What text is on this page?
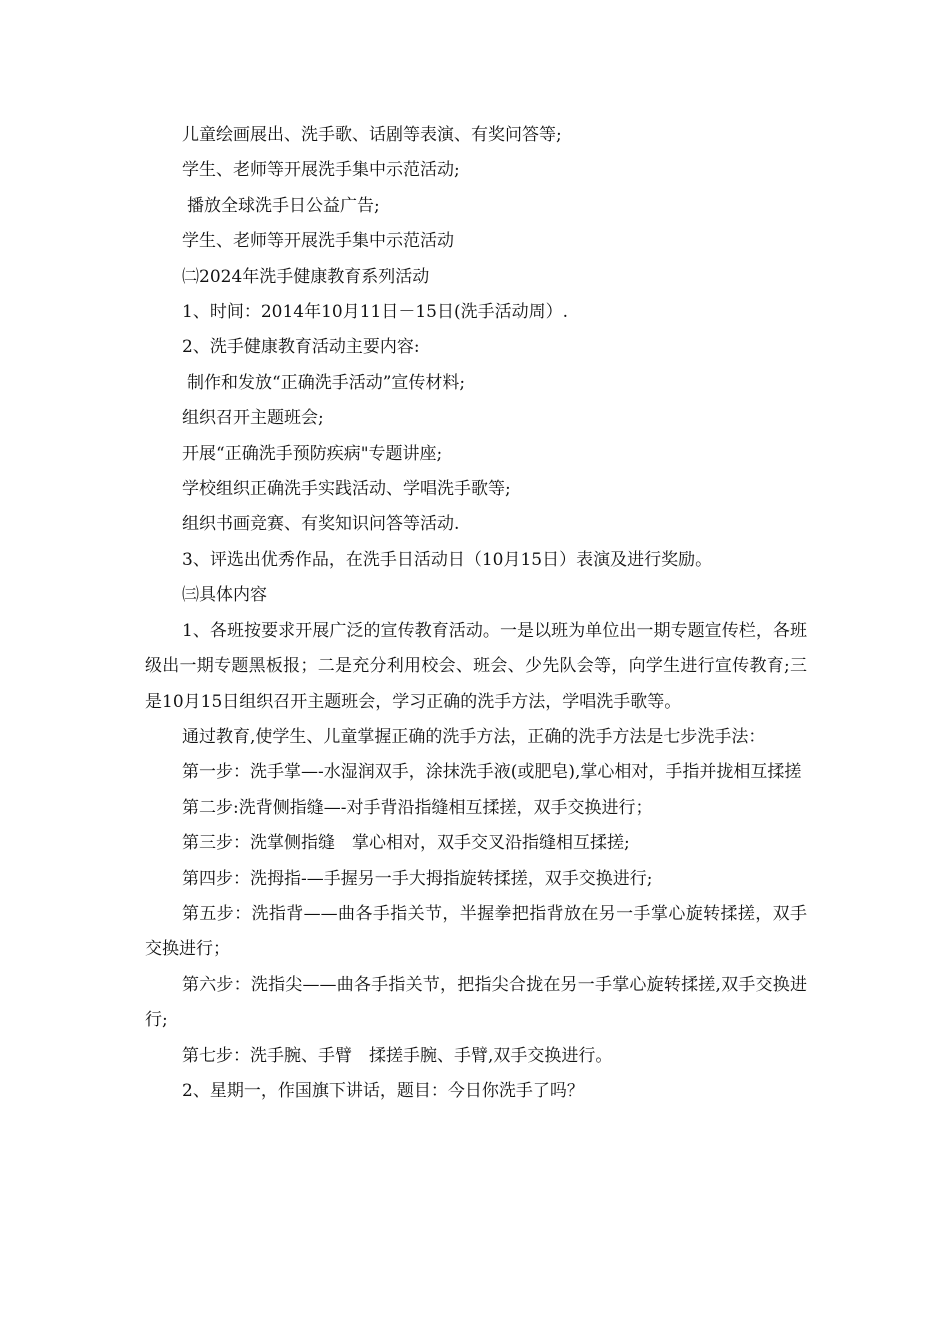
儿童绘画展出、洗手歌、话剧等表演、有奖问答等;

学生、老师等开展洗手集中示范活动;

播放全球洗手日公益广告;

学生、老师等开展洗手集中示范活动

㈡2024年洗手健康教育系列活动

1、时间：2014年10月11日－15日(洗手活动周）.

2、洗手健康教育活动主要内容:

制作和发放“正确洗手活动”宣传材料;

组织召开主题班会;

开展“正确洗手预防疾病"专题讲座;

学校组织正确洗手实践活动、学唱洗手歌等;

组织书画竞赛、有奖知识问答等活动.

3、评选出优秀作品，在洗手日活动日（10月15日）表演及进行奖励。

㈢具体内容

1、各班按要求开展广泛的宣传教育活动。一是以班为单位出一期专题宣传栏，各班级出一期专题黑板报；二是充分利用校会、班会、少先队会等，向学生进行宣传教育;三是10月15日组织召开主题班会，学习正确的洗手方法，学唱洗手歌等。

通过教育,使学生、儿童掌握正确的洗手方法，正确的洗手方法是七步洗手法：

第一步：洗手掌—-水湿润双手，涂抹洗手液(或肥皂),掌心相对，手指并拢相互揉搓

第二步:洗背侧指缝—-对手背沿指缝相互揉搓，双手交换进行；

第三步：洗掌侧指缝　掌心相对，双手交叉沿指缝相互揉搓;

第四步：洗拇指-—手握另一手大拇指旋转揉搓，双手交换进行;

第五步：洗指背——曲各手指关节，半握拳把指背放在另一手掌心旋转揉搓，双手交换进行；

第六步：洗指尖——曲各手指关节，把指尖合拢在另一手掌心旋转揉搓,双手交换进行;

第七步：洗手腕、手臂　揉搓手腕、手臂,双手交换进行。

2、星期一，作国旗下讲话，题目：今日你洗手了吗？
